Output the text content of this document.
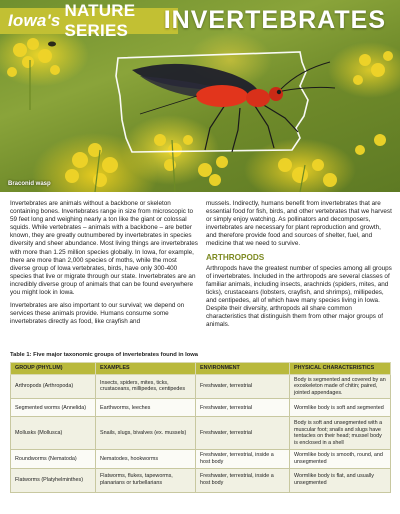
Iowa's
NATURE SERIES	INVERTEBRATES
Braconid wasp

Invertebrates are animals without a backbone or skeleton containing bones. Invertebrates range in size from microscopic to 59 feet long and weighing nearly a ton like the giant or colossal squids. While vertebrates – animals with a backbone – are better known, they are greatly outnumbered by invertebrates in species diversity and sheer abundance. Most living things are invertebrates with more than 1.25 million species globally. In Iowa, for example, there are more than 2,000 species of moths, while the most diverse group of Iowa vertebrates, birds, have only 300-400 species that live or migrate through our state. Invertebrates are an incredibly diverse group of animals that can be found everywhere you might look in Iowa.

Invertebrates are also important to our survival; we depend on services these animals provide. Humans consume some invertebrates directly as food, like crayfish and

mussels. Indirectly, humans benefit from invertebrates that are essential food for fish, birds, and other vertebrates that we harvest or simply enjoy watching. As pollinators and decomposers, invertebrates are necessary for plant reproduction and growth, and therefore provide food and sources of shelter, fuel, and medicine that we need to survive.

ARTHROPODS

Arthropods have the greatest number of species among all groups of invertebrates. Included in the arthropods are several classes of familiar animals, including insects, arachnids (spiders, mites, and ticks), crustaceans (lobsters, crayfish, and shrimps), millipedes, and centipedes, all of which have many species living in Iowa. Despite their diversity, arthropods all share common characteristics that distinguish them from other major groups of animals.

Table 1: Five major taxonomic groups of invertebrates found in Iowa
GROUP (PHYLUM)	EXAMPLES	ENVIRONMENT	PHYSICAL CHARACTERISTICS
Arthropods (Arthropoda)	Insects, spiders, mites, ticks, crustaceans, millipedes, centipedes	Freshwater, terrestrial	Body is segmented and covered by an exoskeleton made of chitin; paired, jointed appendages.
Segmented worms (Annelida)	Earthworms, leeches	Freshwater, terrestrial	Wormlike body is soft and segmented
Mollusks (Mollusca)	Snails, slugs, bivalves (ex. mussels)	Freshwater, terrestrial	Body is soft and unsegmented with a muscular foot; snails and slugs have tentacles on their head; mussel body is enclosed in a shell
Roundworms (Nematoda)	Nematodes, hookworms	Freshwater, terrestrial, inside a host body	Wormlike body is smooth, round, and unsegmented
Flatworms (Platyhelminthes)	Flatworms, flukes, tapeworms, planarians or turbellarians	Freshwater, terrestrial, inside a host body	Wormlike body is flat, and usually unsegmented
